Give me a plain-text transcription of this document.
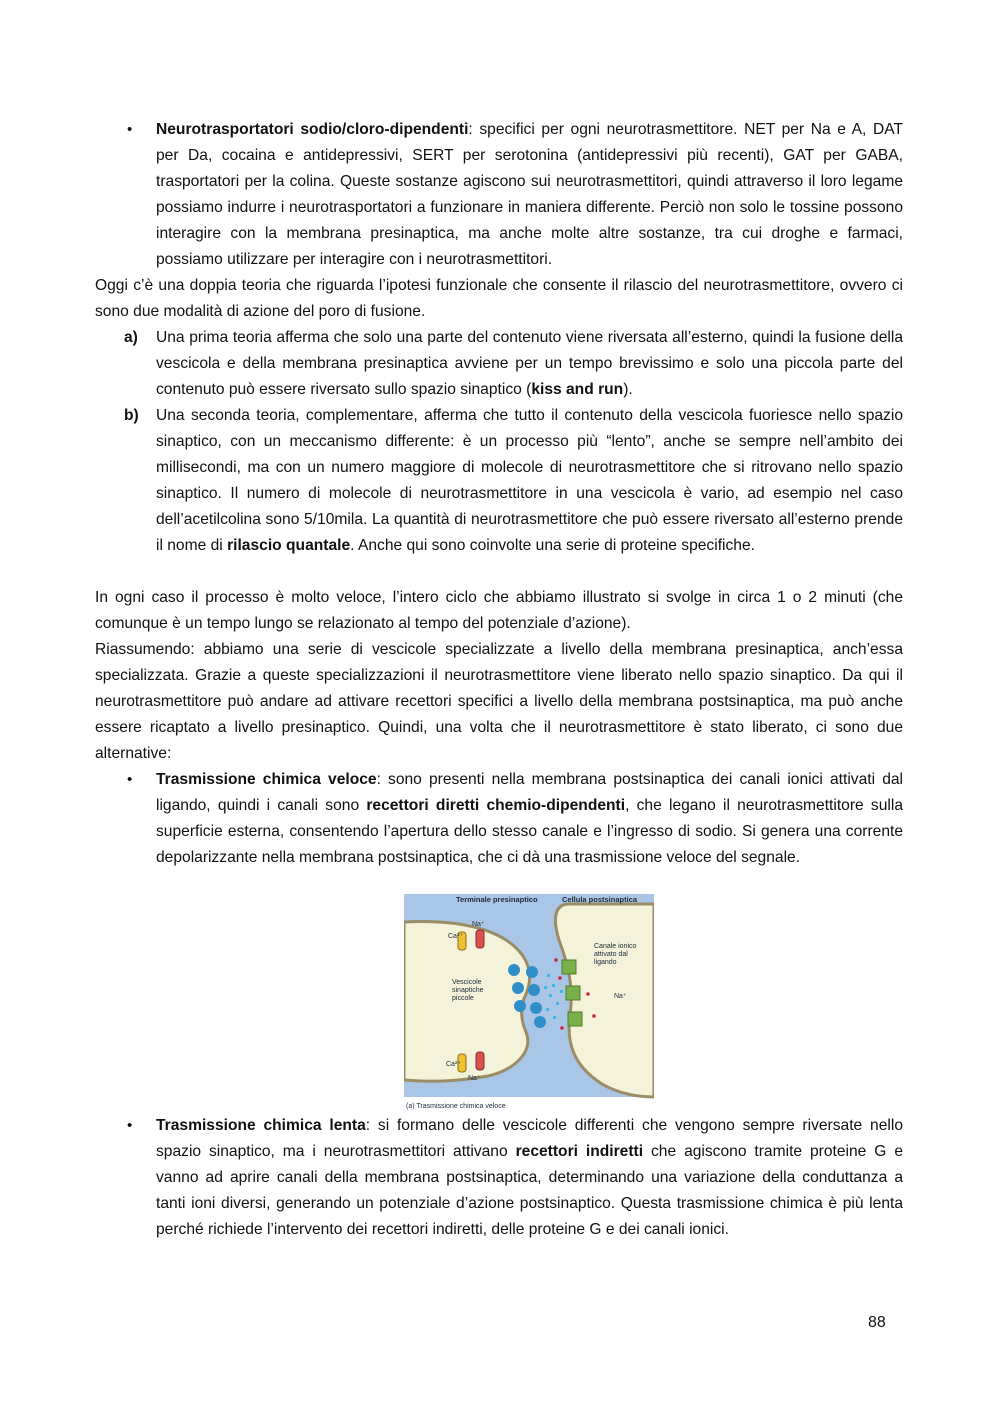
• Neurotrasportatori sodio/cloro-dipendenti: specifici per ogni neurotrasmettitore. NET per Na e A, DAT per Da, cocaina e antidepressivi, SERT per serotonina (antidepressivi più recenti), GAT per GABA, trasportatori per la colina. Queste sostanze agiscono sui neurotrasmettitori, quindi attraverso il loro legame possiamo indurre i neurotrasportatori a funzionare in maniera differente. Perciò non solo le tossine possono interagire con la membrana presinaptica, ma anche molte altre sostanze, tra cui droghe e farmaci, possiamo utilizzare per interagire con i neurotrasmettitori.

Oggi c’è una doppia teoria che riguarda l’ipotesi funzionale che consente il rilascio del neurotrasmettitore, ovvero ci sono due modalità di azione del poro di fusione.

a)	Una prima teoria afferma che solo una parte del contenuto viene riversata all’esterno, quindi la fusione della vescicola e della membrana presinaptica avviene per un tempo brevissimo e solo una piccola parte del contenuto può essere riversato sullo spazio sinaptico (kiss and run).

b)	Una seconda teoria, complementare, afferma che tutto il contenuto della vescicola fuoriesce nello spazio sinaptico, con un meccanismo differente: è un processo più “lento”, anche se sempre nell’ambito dei millisecondi, ma con un numero maggiore di molecole di neurotrasmettitore che si ritrovano nello spazio sinaptico. Il numero di molecole di neurotrasmettitore in una vescicola è vario, ad esempio nel caso dell’acetilcolina sono 5/10mila. La quantità di neurotrasmettitore che può essere riversato all’esterno prende il nome di rilascio quantale. Anche qui sono coinvolte una serie di proteine specifiche.

In ogni caso il processo è molto veloce, l’intero ciclo che abbiamo illustrato si svolge in circa 1 o 2 minuti (che comunque è un tempo lungo se relazionato al tempo del potenziale d’azione).

Riassumendo: abbiamo una serie di vescicole specializzate a livello della membrana presinaptica, anch’essa specializzata. Grazie a queste specializzazioni il neurotrasmettitore viene liberato nello spazio sinaptico. Da qui il neurotrasmettitore può andare ad attivare recettori specifici a livello della membrana postsinaptica, ma può anche essere ricaptato a livello presinaptico. Quindi, una volta che il neurotrasmettitore è stato liberato, ci sono due alternative:

• Trasmissione chimica veloce: sono presenti nella membrana postsinaptica dei canali ionici attivati dal ligando, quindi i canali sono recettori diretti chemio-dipendenti, che legano il neurotrasmettitore sulla superficie esterna, consentendo l’apertura dello stesso canale e l’ingresso di sodio. Si genera una corrente depolarizzante nella membrana postsinaptica, che ci dà una trasmissione veloce del segnale.

Terminale presinaptico	Cellula postsinaptica
Na⁺
Ca²⁺
Canale ionico
attivato dal
ligando
Vescicole
sinaptiche
piccole	Na⁺
Ca²⁺
Na⁺
(a) Trasmissione chimica veloce
• Trasmissione chimica lenta: si formano delle vescicole differenti che vengono sempre riversate nello spazio sinaptico, ma i neurotrasmettitori attivano recettori indiretti che agiscono tramite proteine G e vanno ad aprire canali della membrana postsinaptica, determinando una variazione della conduttanza a tanti ioni diversi, generando un potenziale d’azione postsinaptico. Questa trasmissione chimica è più lenta perché richiede l’intervento dei recettori indiretti, delle proteine G e dei canali ionici.

88
